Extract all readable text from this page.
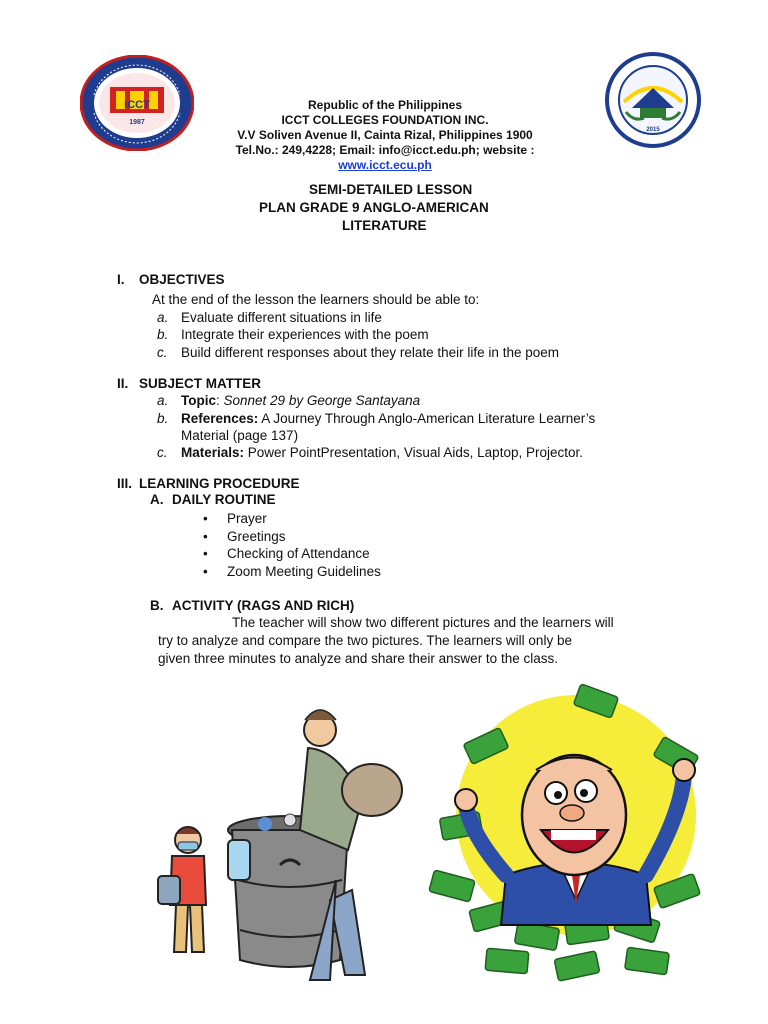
ICCT
1987
2015
Republic of the Philippines
ICCT COLLEGES FOUNDATION INC.
V.V Soliven Avenue II, Cainta Rizal, Philippines 1900
Tel.No.: 249,4228; Email: info@icct.edu.ph; website :
www.icct.ecu.ph
SEMI-DETAILED LESSON
PLAN GRADE 9 ANGLO-AMERICAN
LITERATURE
I. OBJECTIVES
At the end of the lesson the learners should be able to:
a. Evaluate different situations in life
b. Integrate their experiences with the poem
c. Build different responses about they relate their life in the poem
II. SUBJECT MATTER
a. Topic: Sonnet 29 by George Santayana
b. References: A Journey Through Anglo-American Literature Learner’s
Material (page 137)
c. Materials: Power PointPresentation, Visual Aids, Laptop, Projector.
III. LEARNING PROCEDURE
A. DAILY ROUTINE
• Prayer
• Greetings
• Checking of Attendance
• Zoom Meeting Guidelines
B. ACTIVITY (RAGS AND RICH)
The teacher will show two different pictures and the learners will
try to analyze and compare the two pictures. The learners will only be
given three minutes to analyze and share their answer to the class.
